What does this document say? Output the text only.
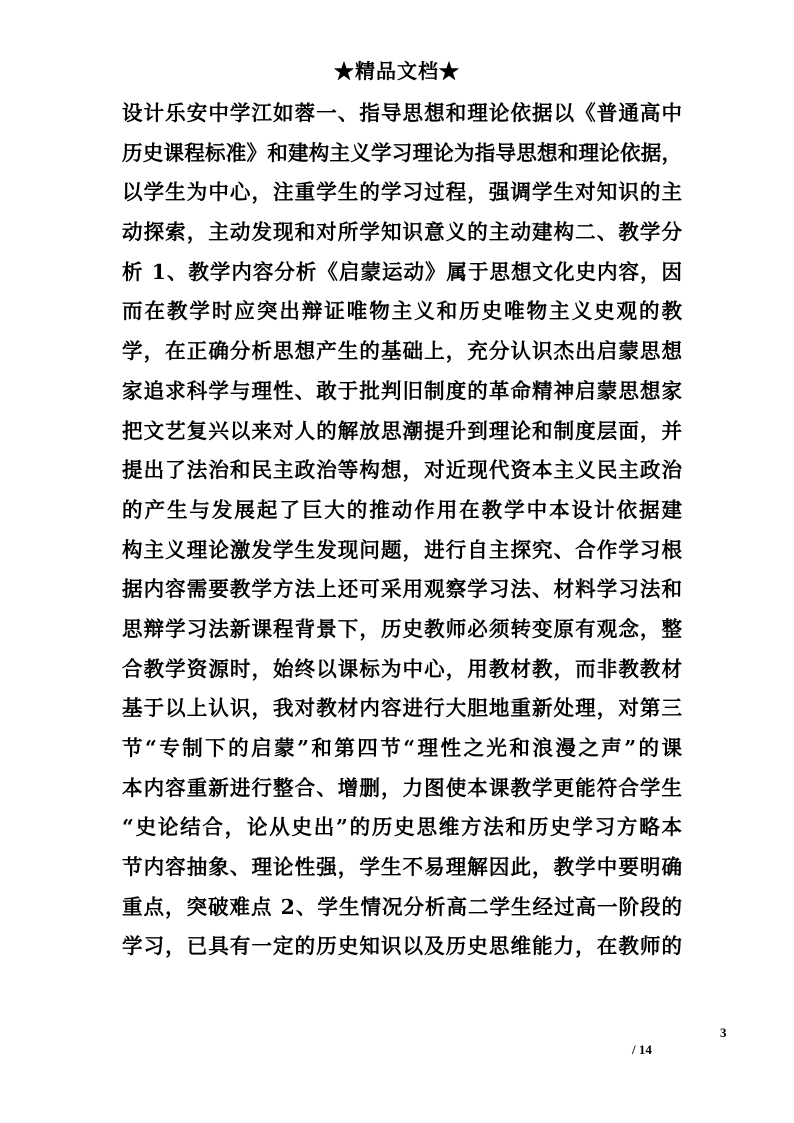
★精品文档★
设计乐安中学江如蓉一、指导思想和理论依据以《普通高中
历史课程标准》和建构主义学习理论为指导思想和理论依据，
以学生为中心，注重学生的学习过程，强调学生对知识的主
动探索，主动发现和对所学知识意义的主动建构二、教学分
析 1、教学内容分析《启蒙运动》属于思想文化史内容，因
而在教学时应突出辩证唯物主义和历史唯物主义史观的教
学，在正确分析思想产生的基础上，充分认识杰出启蒙思想
家追求科学与理性、敢于批判旧制度的革命精神启蒙思想家
把文艺复兴以来对人的解放思潮提升到理论和制度层面，并
提出了法治和民主政治等构想，对近现代资本主义民主政治
的产生与发展起了巨大的推动作用在教学中本设计依据建
构主义理论激发学生发现问题，进行自主探究、合作学习根
据内容需要教学方法上还可采用观察学习法、材料学习法和
思辩学习法新课程背景下，历史教师必须转变原有观念，整
合教学资源时，始终以课标为中心，用教材教，而非教教材
基于以上认识，我对教材内容进行大胆地重新处理，对第三
节“专制下的启蒙”和第四节“理性之光和浪漫之声”的课
本内容重新进行整合、增删，力图使本课教学更能符合学生
“史论结合，论从史出”的历史思维方法和历史学习方略本
节内容抽象、理论性强，学生不易理解因此，教学中要明确
重点，突破难点 2、学生情况分析高二学生经过高一阶段的
学习，已具有一定的历史知识以及历史思维能力，在教师的
3
/ 14
